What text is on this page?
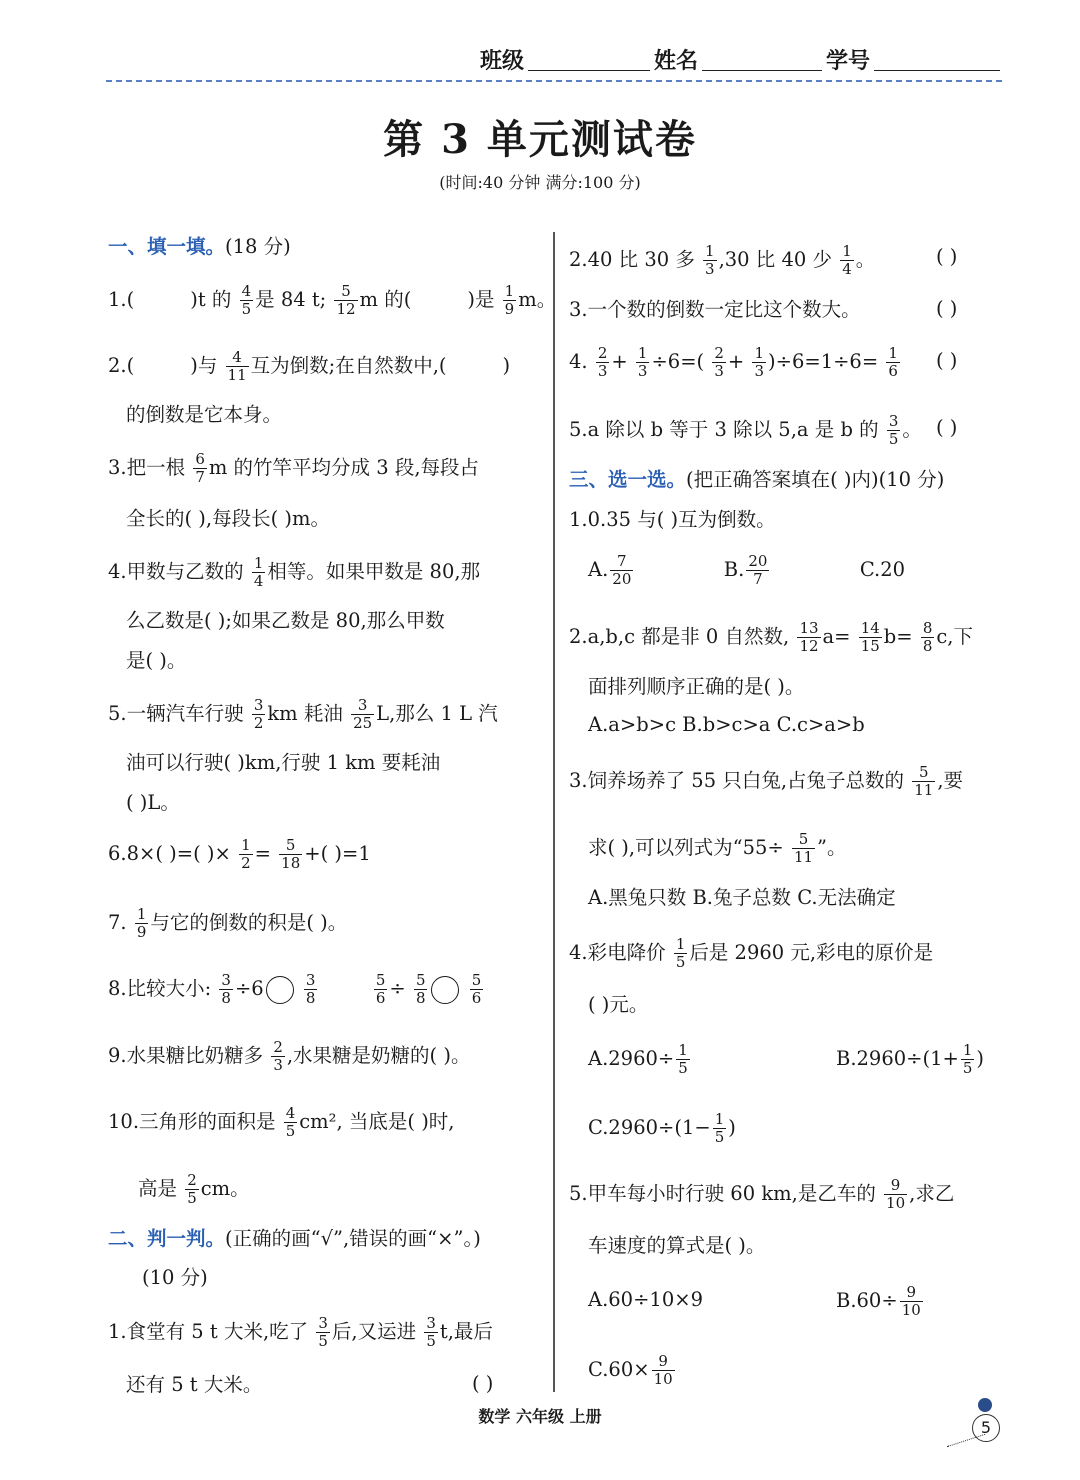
班级	姓名	学号
第 3 单元测试卷
(时间:40 分钟 满分:100 分)
一、填一填。(18 分)
1.(	)t 的 $\frac{4}{5}$ 是 84 t; $\frac{5}{12}$ m 的(	)是 $\frac{1}{9}$ m。
2.(	)与 $\frac{4}{11}$ 互为倒数;在自然数中,(	)
的倒数是它本身。
3.把一根 $\frac{6}{7}$ m 的竹竿平均分成 3 段,每段占
全长的( ),每段长( )m。
4.甲数与乙数的 $\frac{1}{4}$ 相等。如果甲数是 80,那
么乙数是( );如果乙数是 80,那么甲数
是( )。
5.一辆汽车行驶 $\frac{3}{2}$ km 耗油 $\frac{3}{25} L$,那么 1 L 汽
油可以行驶( )km,行驶 1 km 要耗油
( )L。
6.8×( )=( )× $\frac{1}{2} = \frac{5}{18}$ +( )=1
7. $\frac{1}{9}$ 与它的倒数的积是( )。
8.比较大小: $\frac{3}{8} \div 6$	$\frac{3}{8}$
	$\frac{5}{6} \div \frac{5}{8}$
	$\frac{5}{6}$
9.水果糖比奶糖多 $\frac{2}{3}$ ,水果糖是奶糖的( )。
10.三角形的面积是 $\frac{4}{5} cm^2$, 当底是( )时,
高是 $\frac{2}{5}$ cm。
二、判一判。(正确的画“√”,错误的画“×”。)
(10 分)
1.食堂有 5 t 大米,吃了 $\frac{3}{5}$ 后,又运进 $\frac{3}{5} t$,最后
还有 5 t 大米。	( )
2.40 比 30 多 $\frac{1}{3} ,30$ 比 40 少 $\frac{1}{4}$ 。	( )
3.一个数的倒数一定比这个数大。	( )
4. $\frac{2}{3} + \frac{1}{3} \div 6=( \frac{2}{3} + \frac{1}{3} )\div 6=1\div 6= \frac{1}{6}$ ( )
5.a 除以 b 等于 3 除以 5,a 是 b 的 $\frac{3}{5}$ 。 ( )
三、选一选。(把正确答案填在( )内)(10 分)
1.0.35 与( )互为倒数。
A. $\frac{7}{20}$	B. $\frac{20}{7}$	C.20
2.a,b,c 都是非 0 自然数, $\frac{13}{12} a= \frac{14}{15} b= \frac{8}{8} c$,下
面排列顺序正确的是( )。
A.a>b>c B.b>c>a C.c>a>b
3.饲养场养了 55 只白兔,占兔子总数的 $\frac{5}{11}$ ,要
求( ),可以列式为“$55\div \frac{5}{11}$ ”。
A.黑兔只数 B.兔子总数 C.无法确定
4.彩电降价 $\frac{1}{5}$ 后是 2960 元,彩电的原价是
( )元。
$A.2960\div \frac{1}{5}$	$B.2960\div(1+ \frac{1}{5}$ )
$C.2960\div(1- \frac{1}{5}$ )
5.甲车每小时行驶 60 km,是乙车的 $\frac{9}{10}$ ,求乙
车速度的算式是( )。
A.60÷10×9	$B.60\div \frac{9}{10}$
$C.60\times \frac{9}{10}$
数学 六年级 上册
5
